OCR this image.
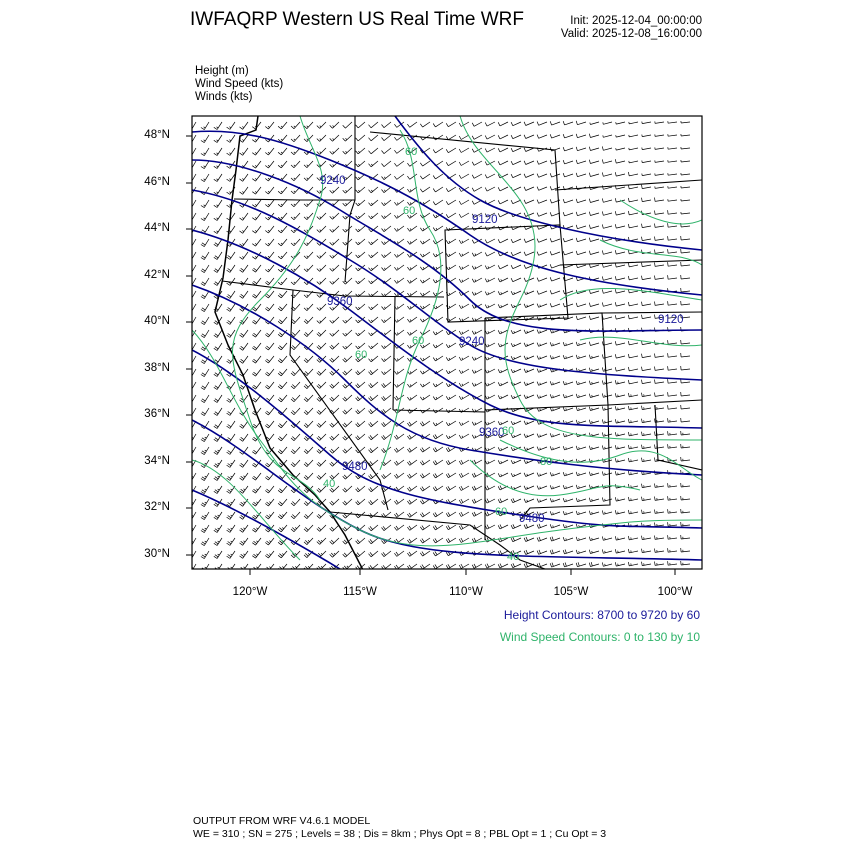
IWFAQRP Western US Real Time WRF	Init: 2025-12-04_00:00:00
Valid: 2025-12-08_16:00:00
Height (m)
Wind Speed (kts)
Winds (kts)
9240
9120
9360
9240
9120
9360
9480
9480
60
60
60
60
40
60
80
60
40
48°N
46°N
44°N
42°N
40°N
38°N
36°N
34°N
32°N
30°N
120°W	115°W	110°W	105°W	100°W
Height Contours: 8700 to 9720 by 60
Wind Speed Contours: 0 to 130 by 10
OUTPUT FROM WRF V4.6.1 MODEL
WE = 310 ; SN = 275 ; Levels = 38 ; Dis = 8km ; Phys Opt = 8 ; PBL Opt = 1 ; Cu Opt = 3
